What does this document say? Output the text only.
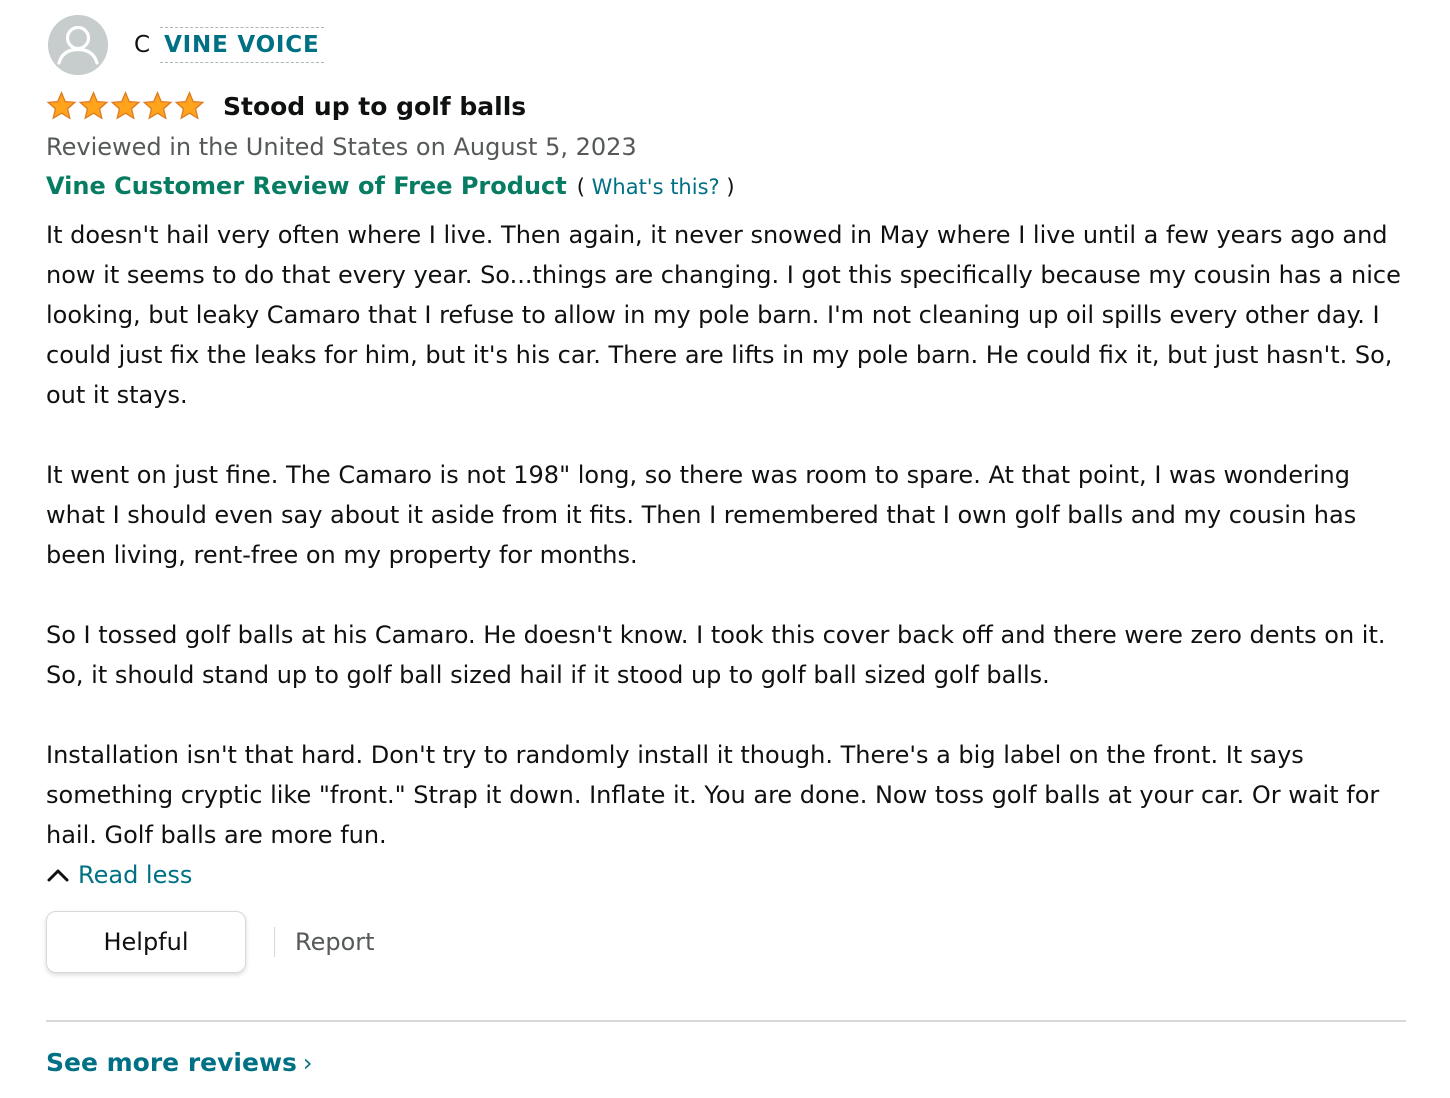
C VINE VOICE
Stood up to golf balls
Reviewed in the United States on August 5, 2023
Vine Customer Review of Free Product ( What's this? )

It doesn't hail very often where I live. Then again, it never snowed in May where I live until a few years ago and now it seems to do that every year. So...things are changing. I got this specifically because my cousin has a nice looking, but leaky Camaro that I refuse to allow in my pole barn. I'm not cleaning up oil spills every other day. I could just fix the leaks for him, but it's his car. There are lifts in my pole barn. He could fix it, but just hasn't. So, out it stays.

It went on just fine. The Camaro is not 198" long, so there was room to spare. At that point, I was wondering what I should even say about it aside from it fits. Then I remembered that I own golf balls and my cousin has been living, rent-free on my property for months.

So I tossed golf balls at his Camaro. He doesn't know. I took this cover back off and there were zero dents on it. So, it should stand up to golf ball sized hail if it stood up to golf ball sized golf balls.

Installation isn't that hard. Don't try to randomly install it though. There's a big label on the front. It says something cryptic like "front." Strap it down. Inflate it. You are done. Now toss golf balls at your car. Or wait for hail. Golf balls are more fun.

Read less
Helpful	Report
See more reviews ›
